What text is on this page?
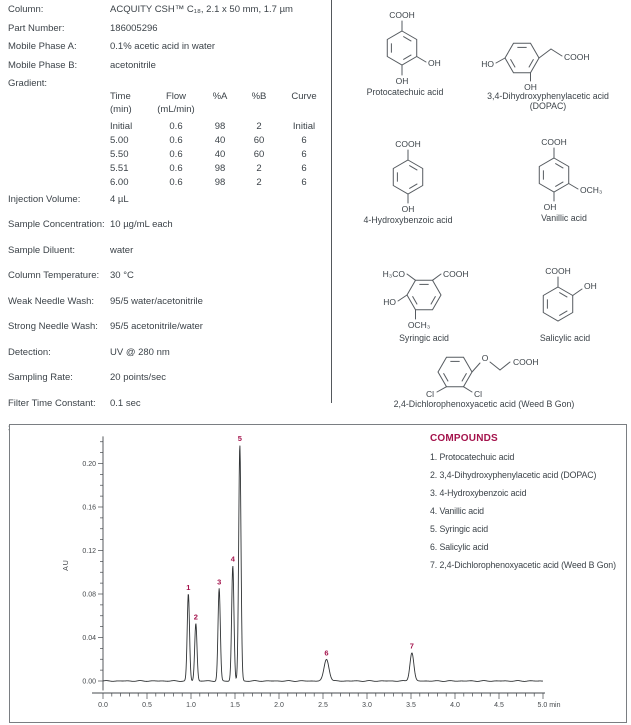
Column:	ACQUITY CSH™ C₁₈, 2.1 x 50 mm, 1.7 µm
Part Number:	186005296
Mobile Phase A:	0.1% acetic acid in water
Mobile Phase B:	acetonitrile
Gradient:
Time	Flow	%A	%B	Curve
(min)	(mL/min)
Initial	0.6	98	2	Initial
5.00	0.6	40	60	6
5.50	0.6	40	60	6
5.51	0.6	98	2	6
6.00	0.6	98	2	6
Injection Volume:	4 µL
Sample Concentration: 10 µg/mL each
Sample Diluent:	water
Column Temperature:	30 °C
Weak Needle Wash:	95/5 water/acetonitrile
Strong Needle Wash:	95/5 acetonitrile/water
Detection:	UV @ 280 nm
Sampling Rate:	20 points/sec
Filter Time Constant:	0.1 sec
COOH
OH
OH
Protocatechuic acid
COOH
HO
OH
3,4-Dihydroxyphenylacetic acid (DOPAC)
COOH
OH
4-Hydroxybenzoic acid
COOH
OCH₃
OH
Vanillic acid
COOH
H₃CO
HO
OCH₃
Syringic acid
COOH
OH
Salicylic acid
O	COOH
Cl	Cl
2,4-Dichlorophenoxyacetic acid (Weed B Gon)
AU
0.00
0.04
0.08
0.12
0.16
0.20
0.0	0.5	1.0	1.5	2.0	2.5	3.0	3.5	4.0	4.5	5.0 min
1
2
3
4
5
6
7
COMPOUNDS
1. Protocatechuic acid
2. 3,4-Dihydroxyphenylacetic acid (DOPAC)
3. 4-Hydroxybenzoic acid
4. Vanillic acid
5. Syringic acid
6. Salicylic acid
7. 2,4-Dichlorophenoxyacetic acid (Weed B Gon)
